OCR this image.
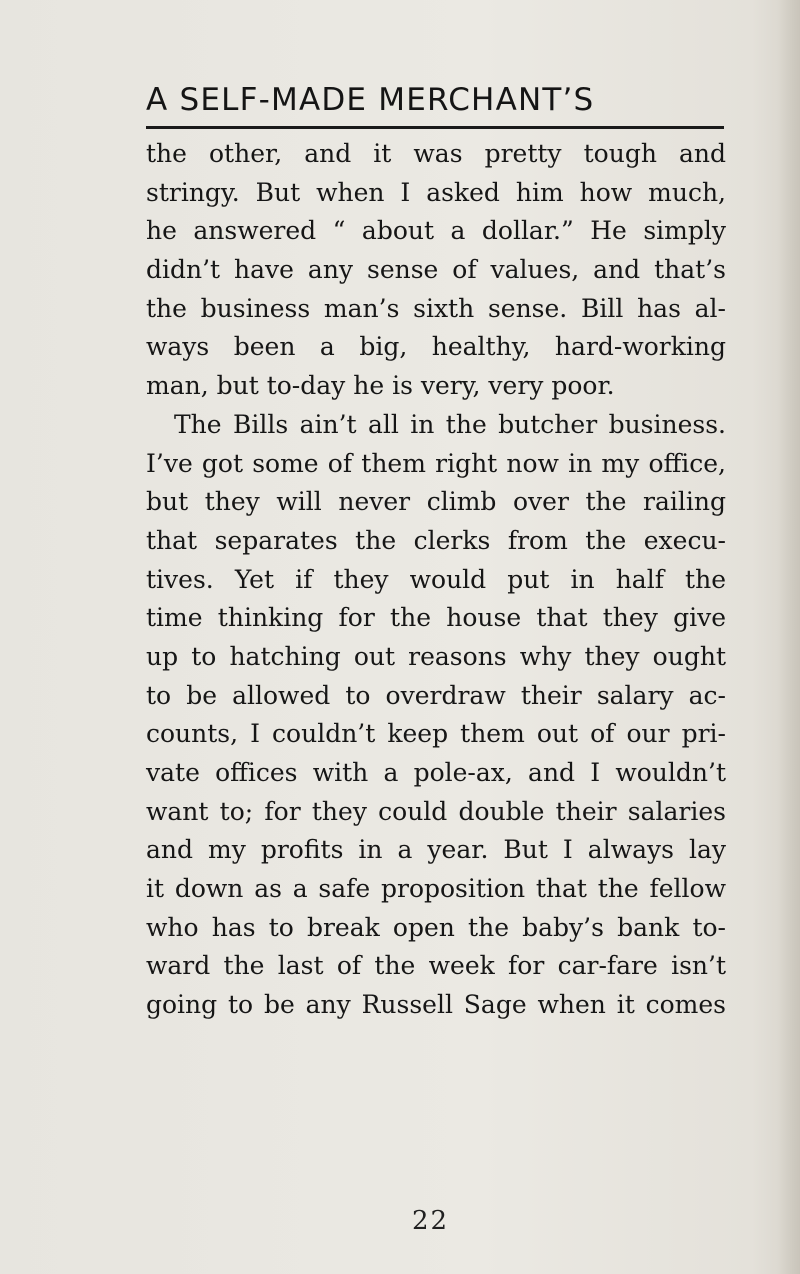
A SELF-MADE MERCHANT’S
the other, and it was pretty tough and
stringy. But when I asked him how much,
he answered “ about a dollar.” He simply
didn’t have any sense of values, and that’s
the business man’s sixth sense. Bill has al-
ways been a big, healthy, hard-working
man, but to-day he is very, very poor.
The Bills ain’t all in the butcher business.
I’ve got some of them right now in my office,
but they will never climb over the railing
that separates the clerks from the execu-
tives. Yet if they would put in half the
time thinking for the house that they give
up to hatching out reasons why they ought
to be allowed to overdraw their salary ac-
counts, I couldn’t keep them out of our pri-
vate offices with a pole-ax, and I wouldn’t
want to; for they could double their salaries
and my profits in a year. But I always lay
it down as a safe proposition that the fellow
who has to break open the baby’s bank to-
ward the last of the week for car-fare isn’t
going to be any Russell Sage when it comes
22
